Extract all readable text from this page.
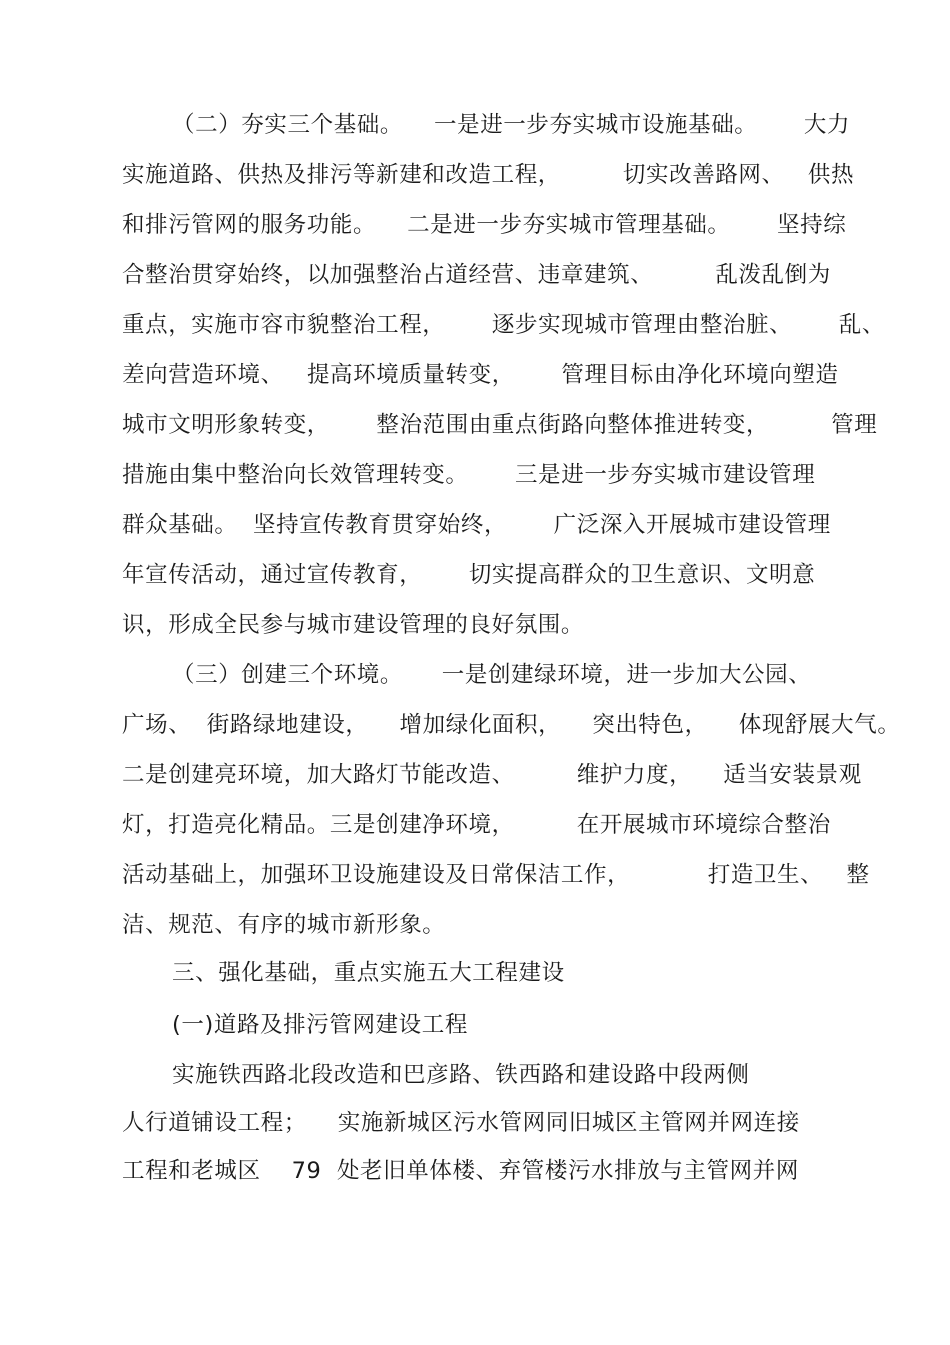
（二）夯实三个基础。    一是进一步夯实城市设施基础。      大力

实施道路、供热及排污等新建和改造工程，        切实改善路网、   供热

和排污管网的服务功能。    二是进一步夯实城市管理基础。      坚持综

合整治贯穿始终，以加强整治占道经营、违章建筑、        乱泼乱倒为

重点，实施市容市貌整治工程，      逐步实现城市管理由整治脏、      乱、

差向营造环境、   提高环境质量转变，      管理目标由净化环境向塑造

城市文明形象转变，      整治范围由重点街路向整体推进转变，        管理

措施由集中整治向长效管理转变。      三是进一步夯实城市建设管理

群众基础。  坚持宣传教育贯穿始终，      广泛深入开展城市建设管理

年宣传活动，通过宣传教育，      切实提高群众的卫生意识、文明意

识，形成全民参与城市建设管理的良好氛围。

（三）创建三个环境。     一是创建绿环境，进一步加大公园、

广场、  街路绿地建设，    增加绿化面积，    突出特色，    体现舒展大气。

二是创建亮环境，加大路灯节能改造、        维护力度，    适当安装景观

灯，打造亮化精品。三是创建净环境，        在开展城市环境综合整治

活动基础上，加强环卫设施建设及日常保洁工作，          打造卫生、   整

洁、规范、有序的城市新形象。

三、强化基础，重点实施五大工程建设

(一)道路及排污管网建设工程

实施铁西路北段改造和巴彦路、铁西路和建设路中段两侧

人行道铺设工程；    实施新城区污水管网同旧城区主管网并网连接

工程和老城区    79  处老旧单体楼、弃管楼污水排放与主管网并网
